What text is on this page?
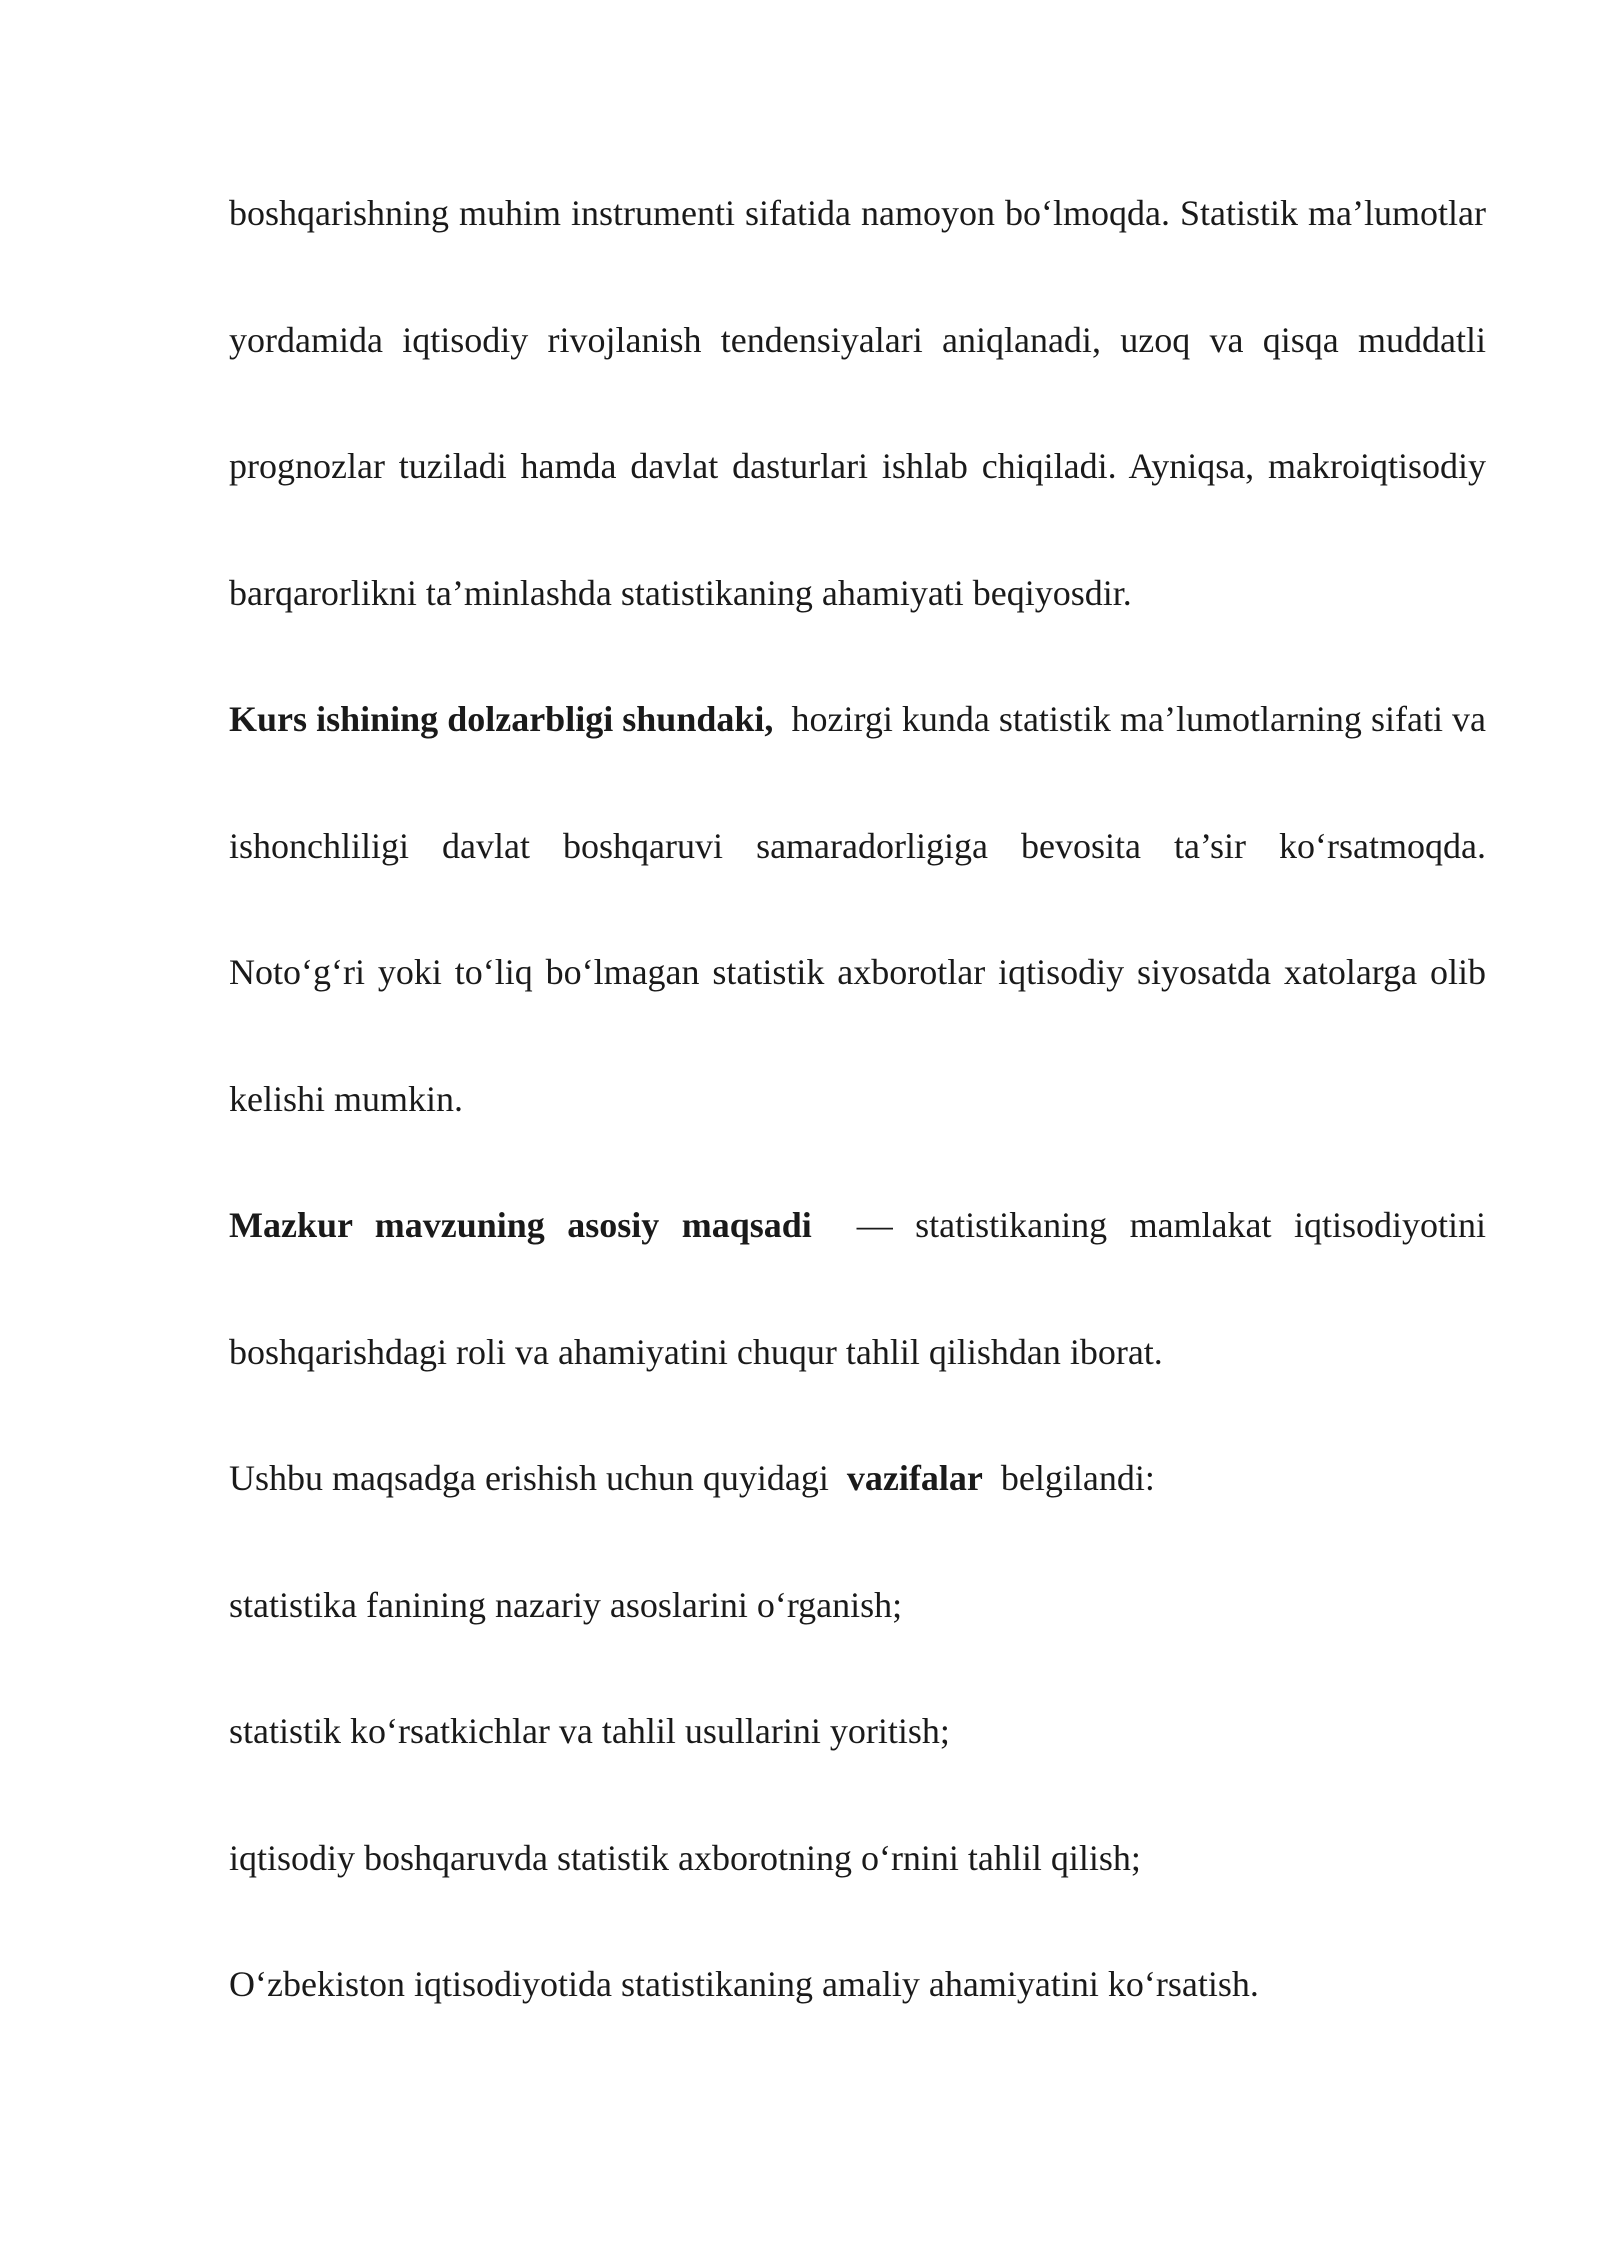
boshqarishning muhim instrumenti sifatida namoyon bo‘lmoqda. Statistik ma’lumotlar yordamida iqtisodiy rivojlanish tendensiyalari aniqlanadi, uzoq va qisqa muddatli prognozlar tuziladi hamda davlat dasturlari ishlab chiqiladi. Ayniqsa, makroiqtisodiy barqarorlikni ta’minlashda statistikaning ahamiyati beqiyosdir.

Kurs ishining dolzarbligi shundaki, hozirgi kunda statistik ma’lumotlarning sifati va ishonchliligi davlat boshqaruvi samaradorligiga bevosita ta’sir ko‘rsatmoqda. Noto‘g‘ri yoki to‘liq bo‘lmagan statistik axborotlar iqtisodiy siyosatda xatolarga olib kelishi mumkin.

Mazkur mavzuning asosiy maqsadi — statistikaning mamlakat iqtisodiyotini boshqarishdagi roli va ahamiyatini chuqur tahlil qilishdan iborat.

Ushbu maqsadga erishish uchun quyidagi vazifalar belgilandi:

statistika fanining nazariy asoslarini o‘rganish;

statistik ko‘rsatkichlar va tahlil usullarini yoritish;

iqtisodiy boshqaruvda statistik axborotning o‘rnini tahlil qilish;

O‘zbekiston iqtisodiyotida statistikaning amaliy ahamiyatini ko‘rsatish.
